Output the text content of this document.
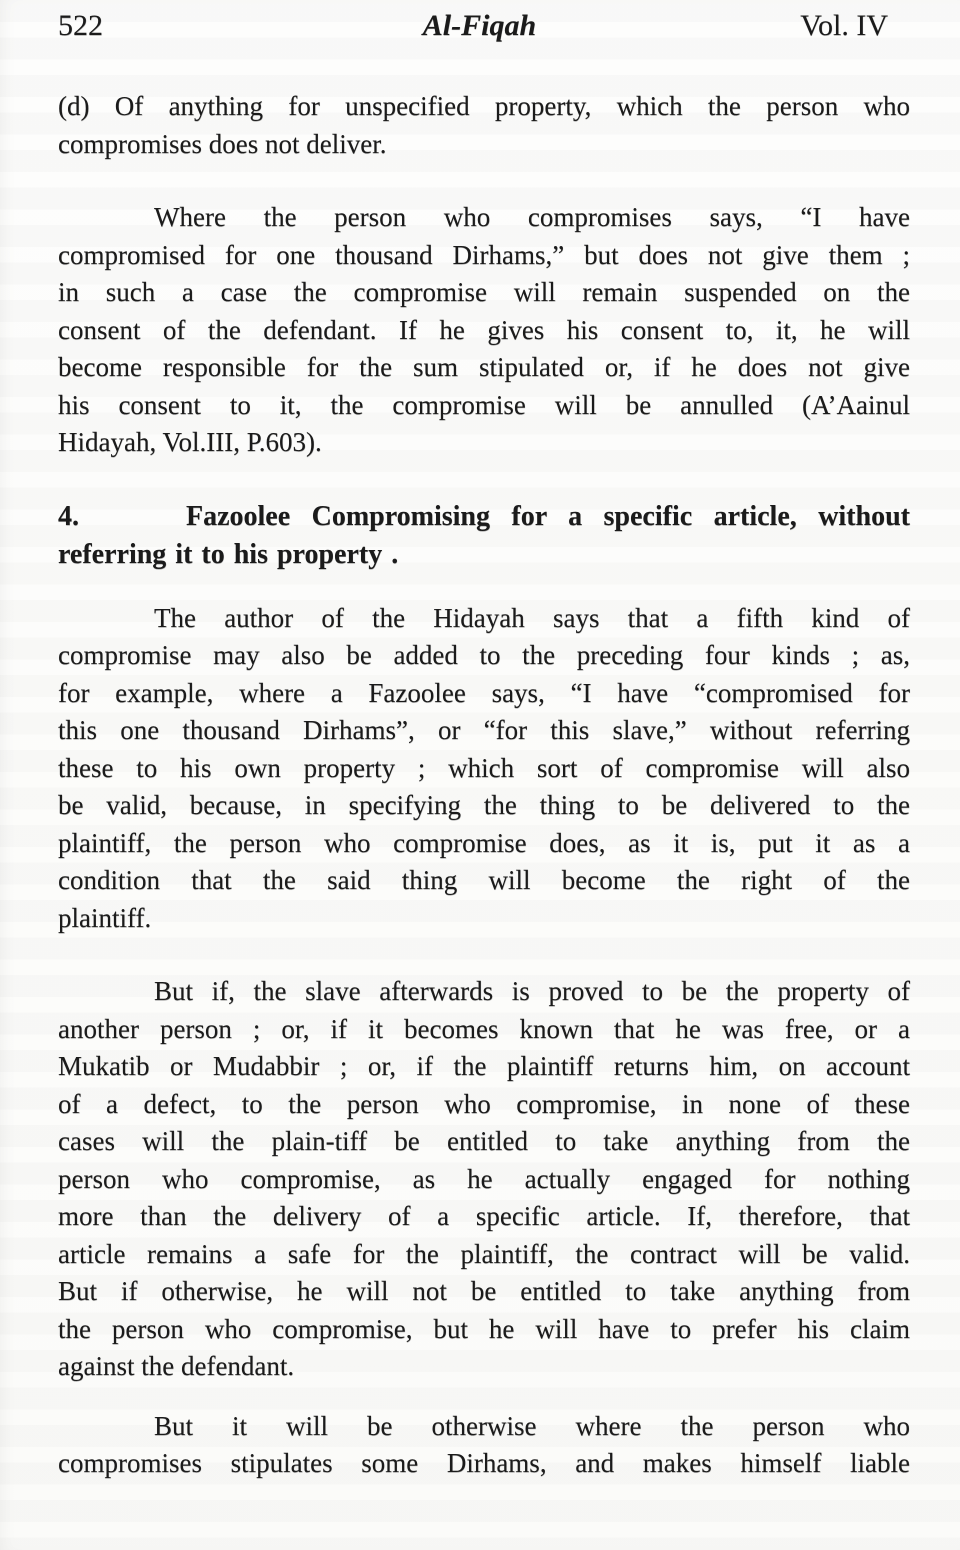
522	Al-Fiqah	Vol. IV
(d) Of anything for unspecified property, which the person who
compromises does not deliver.
Where the person who compromises says, “I have
compromised for one thousand Dirhams,” but does not give them ;
in such a case the compromise will remain suspended on the
consent of the defendant. If he gives his consent to, it, he will
become responsible for the sum stipulated or, if he does not give
his consent to it, the compromise will be annulled (A’Aainul
Hidayah, Vol.III, P.603).
4.	Fazoolee Compromising for a specific article, without
referring it to his property .
The author of the Hidayah says that a fifth kind of
compromise may also be added to the preceding four kinds ; as,
for example, where a Fazoolee says, “I have “compromised for
this one thousand Dirhams”, or “for this slave,” without referring
these to his own property ; which sort of compromise will also
be valid, because, in specifying the thing to be delivered to the
plaintiff, the person who compromise does, as it is, put it as a
condition that the said thing will become the right of the
plaintiff.
But if, the slave afterwards is proved to be the property of
another person ; or, if it becomes known that he was free, or a
Mukatib or Mudabbir ; or, if the plaintiff returns him, on account
of a defect, to the person who compromise, in none of these
cases will the plain-tiff be entitled to take anything from the
person who compromise, as he actually engaged for nothing
more than the delivery of a specific article. If, therefore, that
article remains a safe for the plaintiff, the contract will be valid.
But if otherwise, he will not be entitled to take anything from
the person who compromise, but he will have to prefer his claim
against the defendant.
But it will be otherwise where the person who
compromises stipulates some Dirhams, and makes himself liable
